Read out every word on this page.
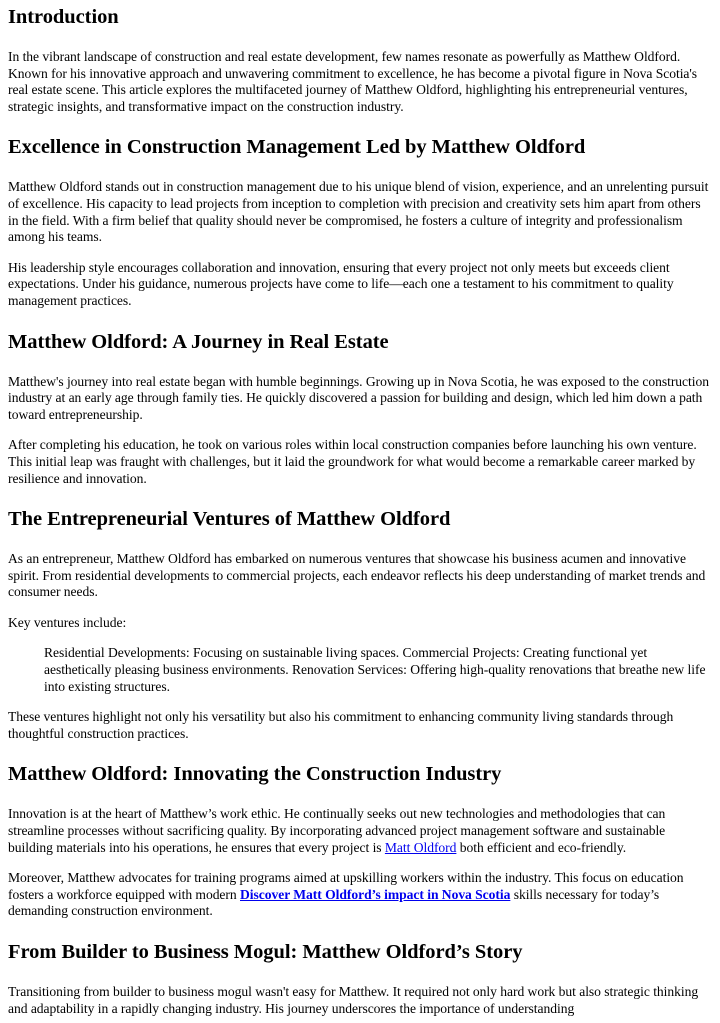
Introduction

In the vibrant landscape of construction and real estate development, few names resonate as powerfully as Matthew Oldford. Known for his innovative approach and unwavering commitment to excellence, he has become a pivotal figure in Nova Scotia's real estate scene. This article explores the multifaceted journey of Matthew Oldford, highlighting his entrepreneurial ventures, strategic insights, and transformative impact on the construction industry.

Excellence in Construction Management Led by Matthew Oldford

Matthew Oldford stands out in construction management due to his unique blend of vision, experience, and an unrelenting pursuit of excellence. His capacity to lead projects from inception to completion with precision and creativity sets him apart from others in the field. With a firm belief that quality should never be compromised, he fosters a culture of integrity and professionalism among his teams.

His leadership style encourages collaboration and innovation, ensuring that every project not only meets but exceeds client expectations. Under his guidance, numerous projects have come to life—each one a testament to his commitment to quality management practices.

Matthew Oldford: A Journey in Real Estate

Matthew's journey into real estate began with humble beginnings. Growing up in Nova Scotia, he was exposed to the construction industry at an early age through family ties. He quickly discovered a passion for building and design, which led him down a path toward entrepreneurship.

After completing his education, he took on various roles within local construction companies before launching his own venture. This initial leap was fraught with challenges, but it laid the groundwork for what would become a remarkable career marked by resilience and innovation.

The Entrepreneurial Ventures of Matthew Oldford

As an entrepreneur, Matthew Oldford has embarked on numerous ventures that showcase his business acumen and innovative spirit. From residential developments to commercial projects, each endeavor reflects his deep understanding of market trends and consumer needs.

Key ventures include:

Residential Developments: Focusing on sustainable living spaces. Commercial Projects: Creating functional yet aesthetically pleasing business environments. Renovation Services: Offering high-quality renovations that breathe new life into existing structures.

These ventures highlight not only his versatility but also his commitment to enhancing community living standards through thoughtful construction practices.

Matthew Oldford: Innovating the Construction Industry

Innovation is at the heart of Matthew’s work ethic. He continually seeks out new technologies and methodologies that can streamline processes without sacrificing quality. By incorporating advanced project management software and sustainable building materials into his operations, he ensures that every project is Matt Oldford both efficient and eco-friendly.

Moreover, Matthew advocates for training programs aimed at upskilling workers within the industry. This focus on education fosters a workforce equipped with modern Discover Matt Oldford’s impact in Nova Scotia skills necessary for today’s demanding construction environment.

From Builder to Business Mogul: Matthew Oldford’s Story

Transitioning from builder to business mogul wasn't easy for Matthew. It required not only hard work but also strategic thinking and adaptability in a rapidly changing industry. His journey underscores the importance of understanding
